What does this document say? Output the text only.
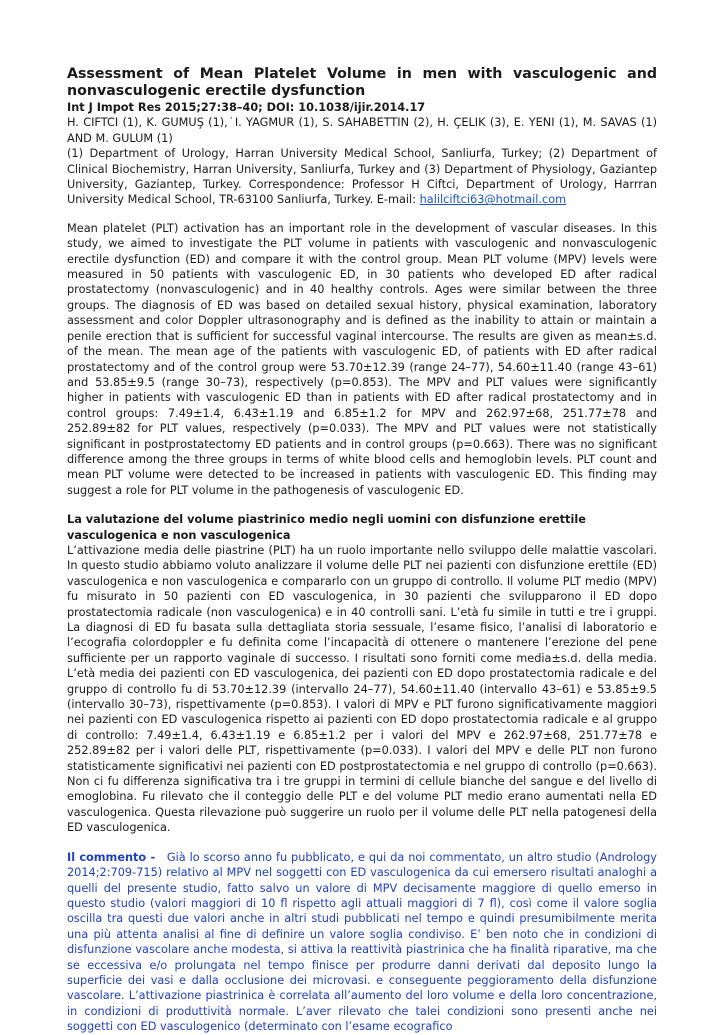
Assessment of Mean Platelet Volume in men with vasculogenic and nonvasculogenic erectile dysfunction
Int J Impot Res 2015;27:38–40; DOI: 10.1038/ijir.2014.17
H. CIFTCI (1), K. GUMUŞ (1),˙I. YAGMUR (1), S. SAHABETTIN (2), H. ÇELIK (3), E. YENI (1), M. SAVAS (1) AND M. GULUM (1)
(1) Department of Urology, Harran University Medical School, Sanliurfa, Turkey; (2) Department of Clinical Biochemistry, Harran University, Sanliurfa, Turkey and (3) Department of Physiology, Gaziantep University, Gaziantep, Turkey. Correspondence: Professor H Ciftci, Department of Urology, Harrran University Medical School, TR-63100 Sanliurfa, Turkey. E-mail: halilciftci63@hotmail.com

Mean platelet (PLT) activation has an important role in the development of vascular diseases. In this study, we aimed to investigate the PLT volume in patients with vasculogenic and nonvasculogenic erectile dysfunction (ED) and compare it with the control group. Mean PLT volume (MPV) levels were measured in 50 patients with vasculogenic ED, in 30 patients who developed ED after radical prostatectomy (nonvasculogenic) and in 40 healthy controls. Ages were similar between the three groups. The diagnosis of ED was based on detailed sexual history, physical examination, laboratory assessment and color Doppler ultrasonography and is defined as the inability to attain or maintain a penile erection that is sufficient for successful vaginal intercourse. The results are given as mean±s.d. of the mean. The mean age of the patients with vasculogenic ED, of patients with ED after radical prostatectomy and of the control group were 53.70±12.39 (range 24–77), 54.60±11.40 (range 43–61) and 53.85±9.5 (range 30–73), respectively (p=0.853). The MPV and PLT values were significantly higher in patients with vasculogenic ED than in patients with ED after radical prostatectomy and in control groups: 7.49±1.4, 6.43±1.19 and 6.85±1.2 for MPV and 262.97±68, 251.77±78 and 252.89±82 for PLT values, respectively (p=0.033). The MPV and PLT values were not statistically significant in postprostatectomy ED patients and in control groups (p=0.663). There was no significant difference among the three groups in terms of white blood cells and hemoglobin levels. PLT count and mean PLT volume were detected to be increased in patients with vasculogenic ED. This finding may suggest a role for PLT volume in the pathogenesis of vasculogenic ED.

La valutazione del volume piastrinico medio negli uomini con disfunzione erettile vasculogenica e non vasculogenica

L’attivazione media delle piastrine (PLT) ha un ruolo importante nello sviluppo delle malattie vascolari. In questo studio abbiamo voluto analizzare il volume delle PLT nei pazienti con disfunzione erettile (ED) vasculogenica e non vasculogenica e compararlo con un gruppo di controllo. Il volume PLT medio (MPV) fu misurato in 50 pazienti con ED vasculogenica, in 30 pazienti che svilupparono il ED dopo prostatectomia radicale (non vasculogenica) e in 40 controlli sani. L’età fu simile in tutti e tre i gruppi. La diagnosi di ED fu basata sulla dettagliata storia sessuale, l’esame fisico, l’analisi di laboratorio e l’ecografia colordoppler e fu definita come l’incapacità di ottenere o mantenere l’erezione del pene sufficiente per un rapporto vaginale di successo. I risultati sono forniti come media±s.d. della media. L’età media dei pazienti con ED vasculogenica, dei pazienti con ED dopo prostatectomia radicale e del gruppo di controllo fu di 53.70±12.39 (intervallo 24–77), 54.60±11.40 (intervallo 43–61) e 53.85±9.5 (intervallo 30–73), rispettivamente (p=0.853). I valori di MPV e PLT furono significativamente maggiori nei pazienti con ED vasculogenica rispetto ai pazienti con ED dopo prostatectomia radicale e al gruppo di controllo: 7.49±1.4, 6.43±1.19 e 6.85±1.2 per i valori del MPV e 262.97±68, 251.77±78 e 252.89±82 per i valori delle PLT, rispettivamente (p=0.033). I valori del MPV e delle PLT non furono statisticamente significativi nei pazienti con ED postprostatectomia e nel gruppo di controllo (p=0.663). Non ci fu differenza significativa tra i tre gruppi in termini di cellule bianche del sangue e del livello di emoglobina. Fu rilevato che il conteggio delle PLT e del volume PLT medio erano aumentati nella ED vasculogenica. Questa rilevazione può suggerire un ruolo per il volume delle PLT nella patogenesi della ED vasculogenica.

Il commento - Già lo scorso anno fu pubblicato, e qui da noi commentato, un altro studio (Andrology 2014;2:709-715) relativo al MPV nel soggetti con ED vasculogenica da cui emersero risultati analoghi a quelli del presente studio, fatto salvo un valore di MPV decisamente maggiore di quello emerso in questo studio (valori maggiori di 10 fl rispetto agli attuali maggiori di 7 fl), così come il valore soglia oscilla tra questi due valori anche in altri studi pubblicati nel tempo e quindi presumibilmente merita una più attenta analisi al fine di definire un valore soglia condiviso. E’ ben noto che in condizioni di disfunzione vascolare anche modesta, si attiva la reattività piastrinica che ha finalità riparative, ma che se eccessiva e/o prolungata nel tempo finisce per produrre danni derivati dal deposito lungo la superficie dei vasi e dalla occlusione dei microvasi. e conseguente peggioramento della disfunzione vascolare. L’attivazione piastrinica è correlata all’aumento del loro volume e della loro concentrazione, in condizioni di produttività normale. L’aver rilevato che talei condizioni sono presenti anche nei soggetti con ED vasculogenico (determinato con l’esame ecografico
